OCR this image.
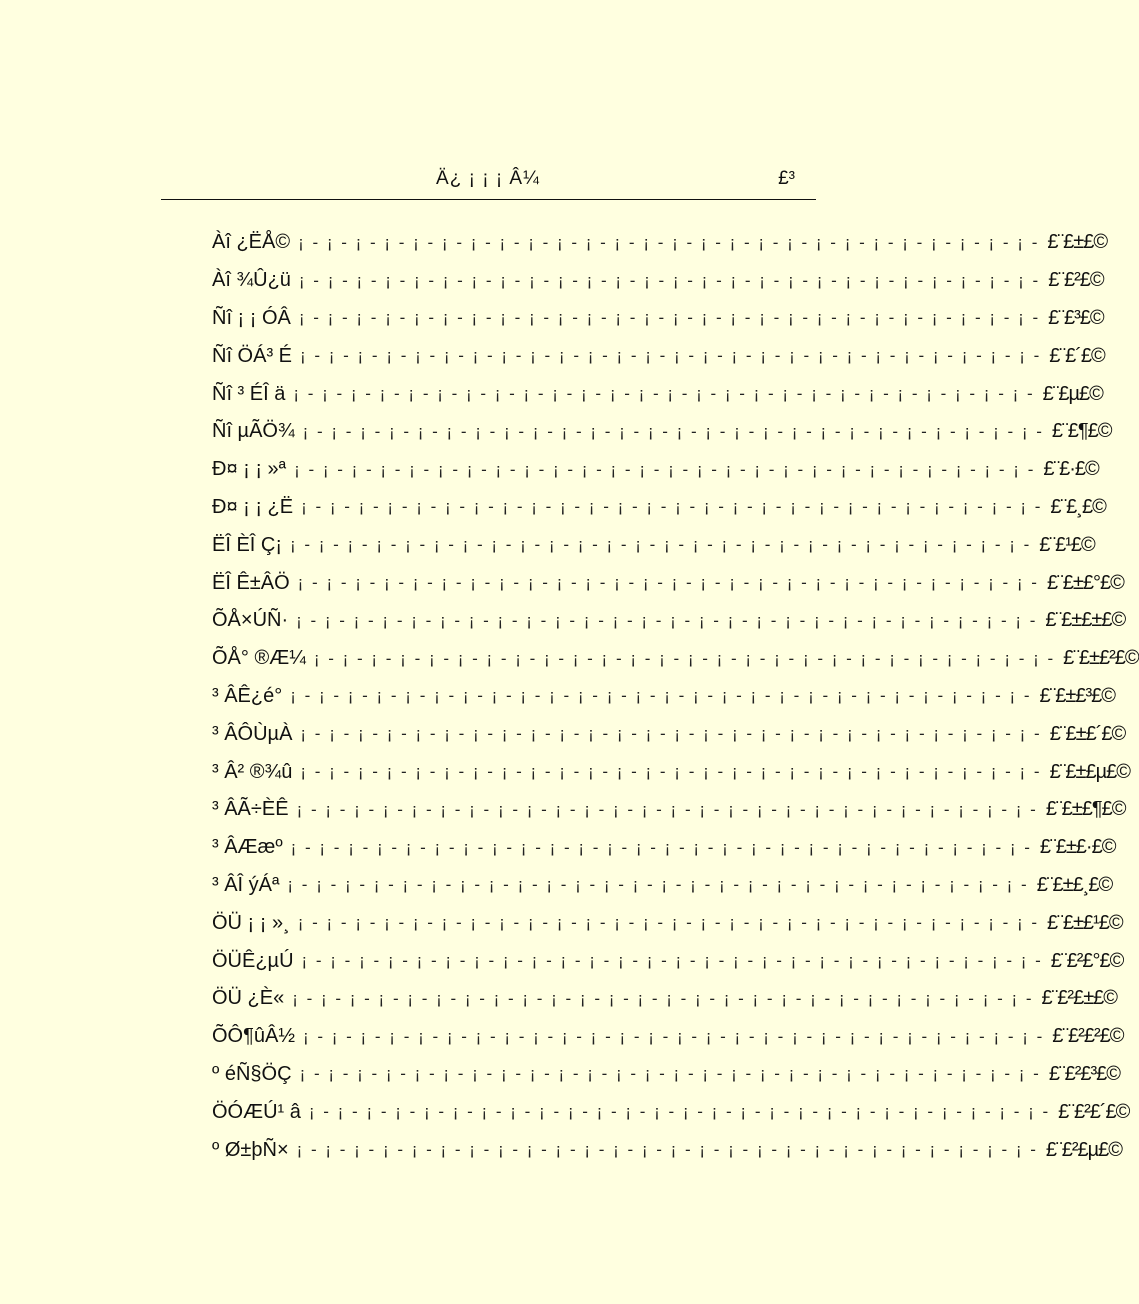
Ä¿ ¡ ¡ ¡ Â¼	£³
Àî ¿ËÅ© ¡ - ¡ - ¡ - ¡ - ¡ - ¡ - ¡ - ¡ - ¡ - ¡ - ¡ - ¡ - ¡ - ¡ - ¡ - ¡ - ¡ - ¡ - ¡ - ¡ - ¡ - ¡ - ¡ - ¡ - ¡ - ¡ - £¨£±£©
Àî ¾Û¿ü ¡ - ¡ - ¡ - ¡ - ¡ - ¡ - ¡ - ¡ - ¡ - ¡ - ¡ - ¡ - ¡ - ¡ - ¡ - ¡ - ¡ - ¡ - ¡ - ¡ - ¡ - ¡ - ¡ - ¡ - ¡ - ¡ - £¨£²£©
Ñî ¡ ¡ ÓÂ ¡ - ¡ - ¡ - ¡ - ¡ - ¡ - ¡ - ¡ - ¡ - ¡ - ¡ - ¡ - ¡ - ¡ - ¡ - ¡ - ¡ - ¡ - ¡ - ¡ - ¡ - ¡ - ¡ - ¡ - ¡ - ¡ - £¨£³£©
Ñî ÖÁ³ É ¡ - ¡ - ¡ - ¡ - ¡ - ¡ - ¡ - ¡ - ¡ - ¡ - ¡ - ¡ - ¡ - ¡ - ¡ - ¡ - ¡ - ¡ - ¡ - ¡ - ¡ - ¡ - ¡ - ¡ - ¡ - ¡ - £¨£´£©
Ñî ³ ÉÎ ä ¡ - ¡ - ¡ - ¡ - ¡ - ¡ - ¡ - ¡ - ¡ - ¡ - ¡ - ¡ - ¡ - ¡ - ¡ - ¡ - ¡ - ¡ - ¡ - ¡ - ¡ - ¡ - ¡ - ¡ - ¡ - ¡ - £¨£µ£©
Ñî µÃÖ¾ ¡ - ¡ - ¡ - ¡ - ¡ - ¡ - ¡ - ¡ - ¡ - ¡ - ¡ - ¡ - ¡ - ¡ - ¡ - ¡ - ¡ - ¡ - ¡ - ¡ - ¡ - ¡ - ¡ - ¡ - ¡ - ¡ - £¨£¶£©
Ð¤ ¡ ¡ »ª ¡ - ¡ - ¡ - ¡ - ¡ - ¡ - ¡ - ¡ - ¡ - ¡ - ¡ - ¡ - ¡ - ¡ - ¡ - ¡ - ¡ - ¡ - ¡ - ¡ - ¡ - ¡ - ¡ - ¡ - ¡ - ¡ - £¨£·£©
Ð¤ ¡ ¡ ¿Ë ¡ - ¡ - ¡ - ¡ - ¡ - ¡ - ¡ - ¡ - ¡ - ¡ - ¡ - ¡ - ¡ - ¡ - ¡ - ¡ - ¡ - ¡ - ¡ - ¡ - ¡ - ¡ - ¡ - ¡ - ¡ - ¡ - £¨£¸£©
ËÎ ÈÎ Ç¡ ¡ - ¡ - ¡ - ¡ - ¡ - ¡ - ¡ - ¡ - ¡ - ¡ - ¡ - ¡ - ¡ - ¡ - ¡ - ¡ - ¡ - ¡ - ¡ - ¡ - ¡ - ¡ - ¡ - ¡ - ¡ - ¡ - £¨£¹£©
ËÎ Ê±ÂÖ ¡ - ¡ - ¡ - ¡ - ¡ - ¡ - ¡ - ¡ - ¡ - ¡ - ¡ - ¡ - ¡ - ¡ - ¡ - ¡ - ¡ - ¡ - ¡ - ¡ - ¡ - ¡ - ¡ - ¡ - ¡ - ¡ - £¨£±£°£©
ÕÅ×ÚÑ· ¡ - ¡ - ¡ - ¡ - ¡ - ¡ - ¡ - ¡ - ¡ - ¡ - ¡ - ¡ - ¡ - ¡ - ¡ - ¡ - ¡ - ¡ - ¡ - ¡ - ¡ - ¡ - ¡ - ¡ - ¡ - ¡ - £¨£±£±£©
ÕÅ° ®Æ¼ ¡ - ¡ - ¡ - ¡ - ¡ - ¡ - ¡ - ¡ - ¡ - ¡ - ¡ - ¡ - ¡ - ¡ - ¡ - ¡ - ¡ - ¡ - ¡ - ¡ - ¡ - ¡ - ¡ - ¡ - ¡ - ¡ - £¨£±£²£©
³ ÂÊ¿é° ¡ - ¡ - ¡ - ¡ - ¡ - ¡ - ¡ - ¡ - ¡ - ¡ - ¡ - ¡ - ¡ - ¡ - ¡ - ¡ - ¡ - ¡ - ¡ - ¡ - ¡ - ¡ - ¡ - ¡ - ¡ - ¡ - £¨£±£³£©
³ ÂÔÙµÀ ¡ - ¡ - ¡ - ¡ - ¡ - ¡ - ¡ - ¡ - ¡ - ¡ - ¡ - ¡ - ¡ - ¡ - ¡ - ¡ - ¡ - ¡ - ¡ - ¡ - ¡ - ¡ - ¡ - ¡ - ¡ - ¡ - £¨£±£´£©
³ Â² ®¾û ¡ - ¡ - ¡ - ¡ - ¡ - ¡ - ¡ - ¡ - ¡ - ¡ - ¡ - ¡ - ¡ - ¡ - ¡ - ¡ - ¡ - ¡ - ¡ - ¡ - ¡ - ¡ - ¡ - ¡ - ¡ - ¡ - £¨£±£µ£©
³ ÂÃ÷ÈÊ ¡ - ¡ - ¡ - ¡ - ¡ - ¡ - ¡ - ¡ - ¡ - ¡ - ¡ - ¡ - ¡ - ¡ - ¡ - ¡ - ¡ - ¡ - ¡ - ¡ - ¡ - ¡ - ¡ - ¡ - ¡ - ¡ - £¨£±£¶£©
³ ÂÆæº ¡ - ¡ - ¡ - ¡ - ¡ - ¡ - ¡ - ¡ - ¡ - ¡ - ¡ - ¡ - ¡ - ¡ - ¡ - ¡ - ¡ - ¡ - ¡ - ¡ - ¡ - ¡ - ¡ - ¡ - ¡ - ¡ - £¨£±£·£©
³ ÂÎ ýÁª ¡ - ¡ - ¡ - ¡ - ¡ - ¡ - ¡ - ¡ - ¡ - ¡ - ¡ - ¡ - ¡ - ¡ - ¡ - ¡ - ¡ - ¡ - ¡ - ¡ - ¡ - ¡ - ¡ - ¡ - ¡ - ¡ - £¨£±£¸£©
ÖÜ ¡ ¡ »¸ ¡ - ¡ - ¡ - ¡ - ¡ - ¡ - ¡ - ¡ - ¡ - ¡ - ¡ - ¡ - ¡ - ¡ - ¡ - ¡ - ¡ - ¡ - ¡ - ¡ - ¡ - ¡ - ¡ - ¡ - ¡ - ¡ - £¨£±£¹£©
ÖÜÊ¿µÚ ¡ - ¡ - ¡ - ¡ - ¡ - ¡ - ¡ - ¡ - ¡ - ¡ - ¡ - ¡ - ¡ - ¡ - ¡ - ¡ - ¡ - ¡ - ¡ - ¡ - ¡ - ¡ - ¡ - ¡ - ¡ - ¡ - £¨£²£°£©
ÖÜ ¿È« ¡ - ¡ - ¡ - ¡ - ¡ - ¡ - ¡ - ¡ - ¡ - ¡ - ¡ - ¡ - ¡ - ¡ - ¡ - ¡ - ¡ - ¡ - ¡ - ¡ - ¡ - ¡ - ¡ - ¡ - ¡ - ¡ - £¨£²£±£©
ÕÔ¶ûÂ½ ¡ - ¡ - ¡ - ¡ - ¡ - ¡ - ¡ - ¡ - ¡ - ¡ - ¡ - ¡ - ¡ - ¡ - ¡ - ¡ - ¡ - ¡ - ¡ - ¡ - ¡ - ¡ - ¡ - ¡ - ¡ - ¡ - £¨£²£²£©
º éÑ§ÖÇ ¡ - ¡ - ¡ - ¡ - ¡ - ¡ - ¡ - ¡ - ¡ - ¡ - ¡ - ¡ - ¡ - ¡ - ¡ - ¡ - ¡ - ¡ - ¡ - ¡ - ¡ - ¡ - ¡ - ¡ - ¡ - ¡ - £¨£²£³£©
ÖÓÆÚ¹ â ¡ - ¡ - ¡ - ¡ - ¡ - ¡ - ¡ - ¡ - ¡ - ¡ - ¡ - ¡ - ¡ - ¡ - ¡ - ¡ - ¡ - ¡ - ¡ - ¡ - ¡ - ¡ - ¡ - ¡ - ¡ - ¡ - £¨£²£´£©
º Ø±þÑ× ¡ - ¡ - ¡ - ¡ - ¡ - ¡ - ¡ - ¡ - ¡ - ¡ - ¡ - ¡ - ¡ - ¡ - ¡ - ¡ - ¡ - ¡ - ¡ - ¡ - ¡ - ¡ - ¡ - ¡ - ¡ - ¡ - £¨£²£µ£©
